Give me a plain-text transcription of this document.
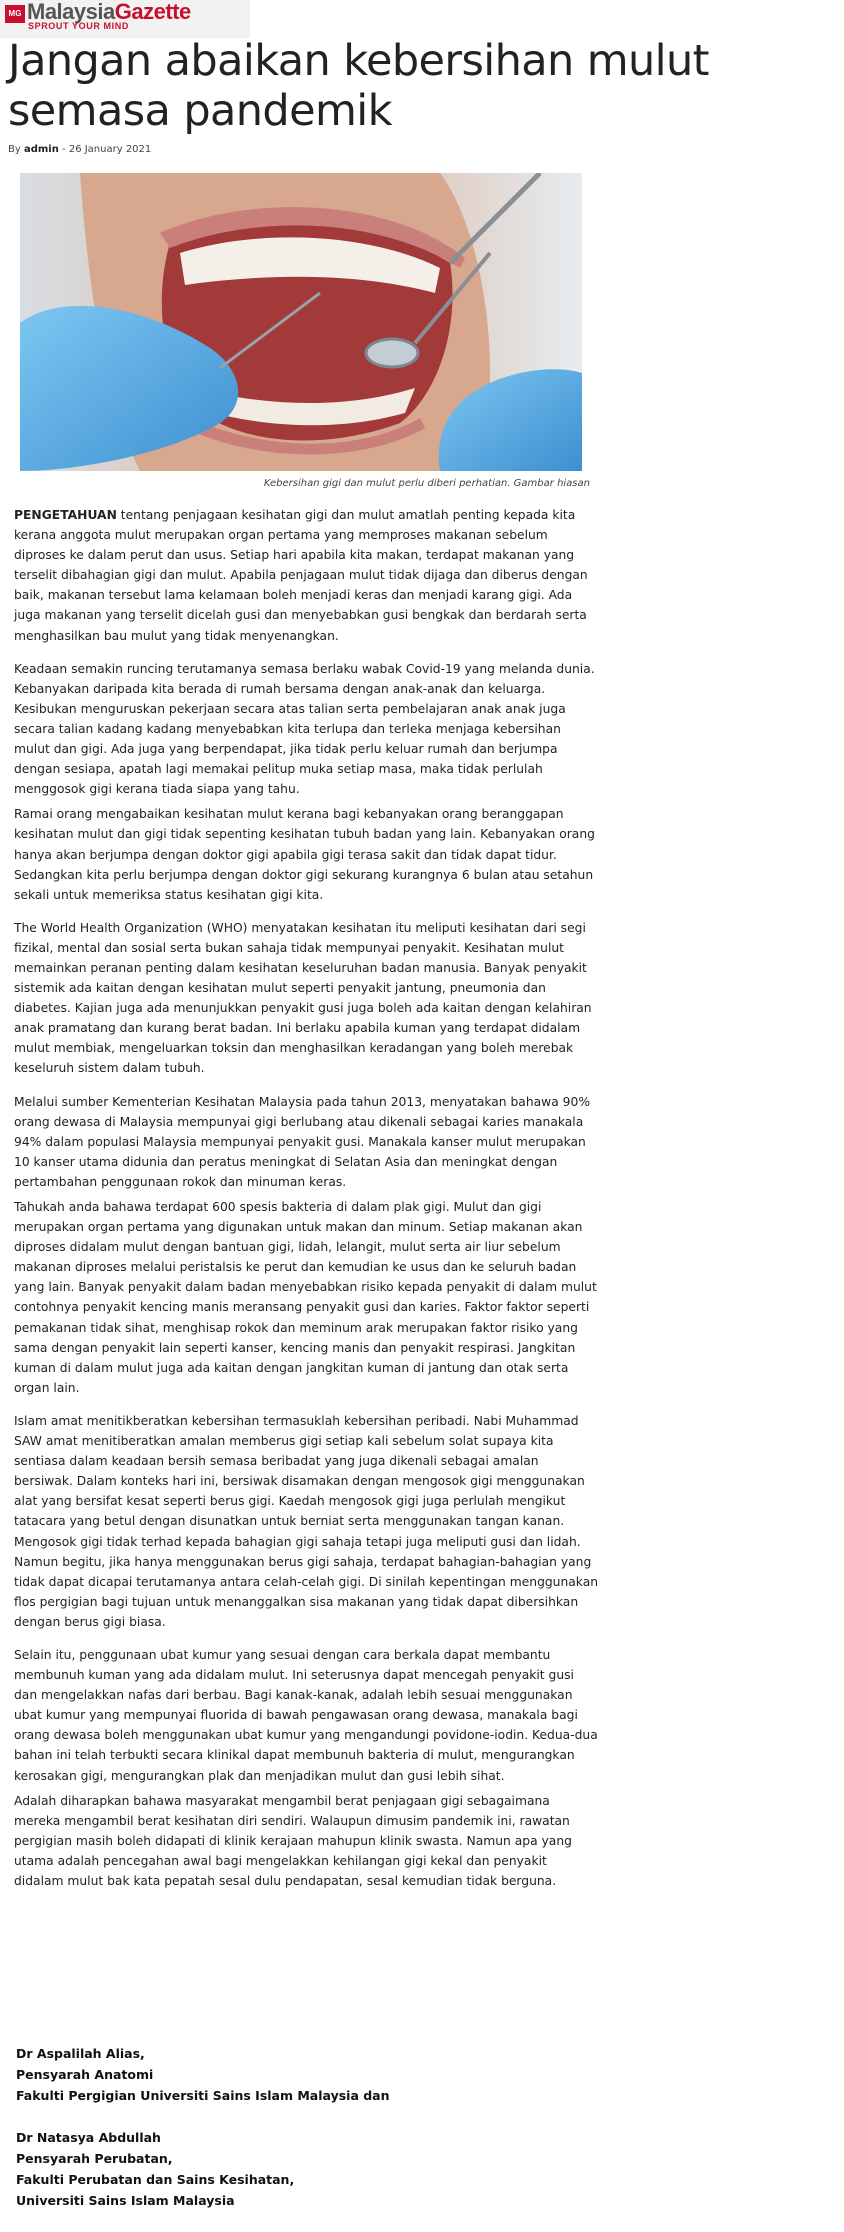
MG MalaysiaGazette
SPROUT YOUR MIND
Jangan abaikan kebersihan mulut semasa pandemik
By admin - 26 January 2021
Kebersihan gigi dan mulut perlu diberi perhatian. Gambar hiasan

PENGETAHUAN tentang penjagaan kesihatan gigi dan mulut amatlah penting kepada kita kerana anggota mulut merupakan organ pertama yang memproses makanan sebelum diproses ke dalam perut dan usus. Setiap hari apabila kita makan, terdapat makanan yang terselit dibahagian gigi dan mulut. Apabila penjagaan mulut tidak dijaga dan diberus dengan baik, makanan tersebut lama kelamaan boleh menjadi keras dan menjadi karang gigi. Ada juga makanan yang terselit dicelah gusi dan menyebabkan gusi bengkak dan berdarah serta menghasilkan bau mulut yang tidak menyenangkan.

Keadaan semakin runcing terutamanya semasa berlaku wabak Covid-19 yang melanda dunia. Kebanyakan daripada kita berada di rumah bersama dengan anak-anak dan keluarga. Kesibukan menguruskan pekerjaan secara atas talian serta pembelajaran anak anak juga secara talian kadang kadang menyebabkan kita terlupa dan terleka menjaga kebersihan mulut dan gigi. Ada juga yang berpendapat, jika tidak perlu keluar rumah dan berjumpa dengan sesiapa, apatah lagi memakai pelitup muka setiap masa, maka tidak perlulah menggosok gigi kerana tiada siapa yang tahu.

Ramai orang mengabaikan kesihatan mulut kerana bagi kebanyakan orang beranggapan kesihatan mulut dan gigi tidak sepenting kesihatan tubuh badan yang lain. Kebanyakan orang hanya akan berjumpa dengan doktor gigi apabila gigi terasa sakit dan tidak dapat tidur. Sedangkan kita perlu berjumpa dengan doktor gigi sekurang kurangnya 6 bulan atau setahun sekali untuk memeriksa status kesihatan gigi kita.

The World Health Organization (WHO) menyatakan kesihatan itu meliputi kesihatan dari segi fizikal, mental dan sosial serta bukan sahaja tidak mempunyai penyakit. Kesihatan mulut memainkan peranan penting dalam kesihatan keseluruhan badan manusia. Banyak penyakit sistemik ada kaitan dengan kesihatan mulut seperti penyakit jantung, pneumonia dan diabetes. Kajian juga ada menunjukkan penyakit gusi juga boleh ada kaitan dengan kelahiran anak pramatang dan kurang berat badan. Ini berlaku apabila kuman yang terdapat didalam mulut membiak, mengeluarkan toksin dan menghasilkan keradangan yang boleh merebak keseluruh sistem dalam tubuh.

Melalui sumber Kementerian Kesihatan Malaysia pada tahun 2013, menyatakan bahawa 90% orang dewasa di Malaysia mempunyai gigi berlubang atau dikenali sebagai karies manakala 94% dalam populasi Malaysia mempunyai penyakit gusi. Manakala kanser mulut merupakan 10 kanser utama didunia dan peratus meningkat di Selatan Asia dan meningkat dengan pertambahan penggunaan rokok dan minuman keras.

Tahukah anda bahawa terdapat 600 spesis bakteria di dalam plak gigi. Mulut dan gigi merupakan organ pertama yang digunakan untuk makan dan minum. Setiap makanan akan diproses didalam mulut dengan bantuan gigi, lidah, lelangit, mulut serta air liur sebelum makanan diproses melalui peristalsis ke perut dan kemudian ke usus dan ke seluruh badan yang lain. Banyak penyakit dalam badan menyebabkan risiko kepada penyakit di dalam mulut contohnya penyakit kencing manis meransang penyakit gusi dan karies. Faktor faktor seperti pemakanan tidak sihat, menghisap rokok dan meminum arak merupakan faktor risiko yang sama dengan penyakit lain seperti kanser, kencing manis dan penyakit respirasi. Jangkitan kuman di dalam mulut juga ada kaitan dengan jangkitan kuman di jantung dan otak serta organ lain.

Islam amat menitikberatkan kebersihan termasuklah kebersihan peribadi. Nabi Muhammad SAW amat menitiberatkan amalan memberus gigi setiap kali sebelum solat supaya kita sentiasa dalam keadaan bersih semasa beribadat yang juga dikenali sebagai amalan bersiwak. Dalam konteks hari ini, bersiwak disamakan dengan mengosok gigi menggunakan alat yang bersifat kesat seperti berus gigi. Kaedah mengosok gigi juga perlulah mengikut tatacara yang betul dengan disunatkan untuk berniat serta menggunakan tangan kanan. Mengosok gigi tidak terhad kepada bahagian gigi sahaja tetapi juga meliputi gusi dan lidah. Namun begitu, jika hanya menggunakan berus gigi sahaja, terdapat bahagian-bahagian yang tidak dapat dicapai terutamanya antara celah-celah gigi. Di sinilah kepentingan menggunakan flos pergigian bagi tujuan untuk menanggalkan sisa makanan yang tidak dapat dibersihkan dengan berus gigi biasa.

Selain itu, penggunaan ubat kumur yang sesuai dengan cara berkala dapat membantu membunuh kuman yang ada didalam mulut. Ini seterusnya dapat mencegah penyakit gusi dan mengelakkan nafas dari berbau. Bagi kanak-kanak, adalah lebih sesuai menggunakan ubat kumur yang mempunyai fluorida di bawah pengawasan orang dewasa, manakala bagi orang dewasa boleh menggunakan ubat kumur yang mengandungi povidone-iodin. Kedua-dua bahan ini telah terbukti secara klinikal dapat membunuh bakteria di mulut, mengurangkan kerosakan gigi, mengurangkan plak dan menjadikan mulut dan gusi lebih sihat.

Adalah diharapkan bahawa masyarakat mengambil berat penjagaan gigi sebagaimana mereka mengambil berat kesihatan diri sendiri. Walaupun dimusim pandemik ini, rawatan pergigian masih boleh didapati di klinik kerajaan mahupun klinik swasta. Namun apa yang utama adalah pencegahan awal bagi mengelakkan kehilangan gigi kekal dan penyakit didalam mulut bak kata pepatah sesal dulu pendapatan, sesal kemudian tidak berguna.

Dr Aspalilah Alias,
Pensyarah Anatomi
Fakulti Pergigian Universiti Sains Islam Malaysia dan

Dr Natasya Abdullah
Pensyarah Perubatan,
Fakulti Perubatan dan Sains Kesihatan,
Universiti Sains Islam Malaysia
